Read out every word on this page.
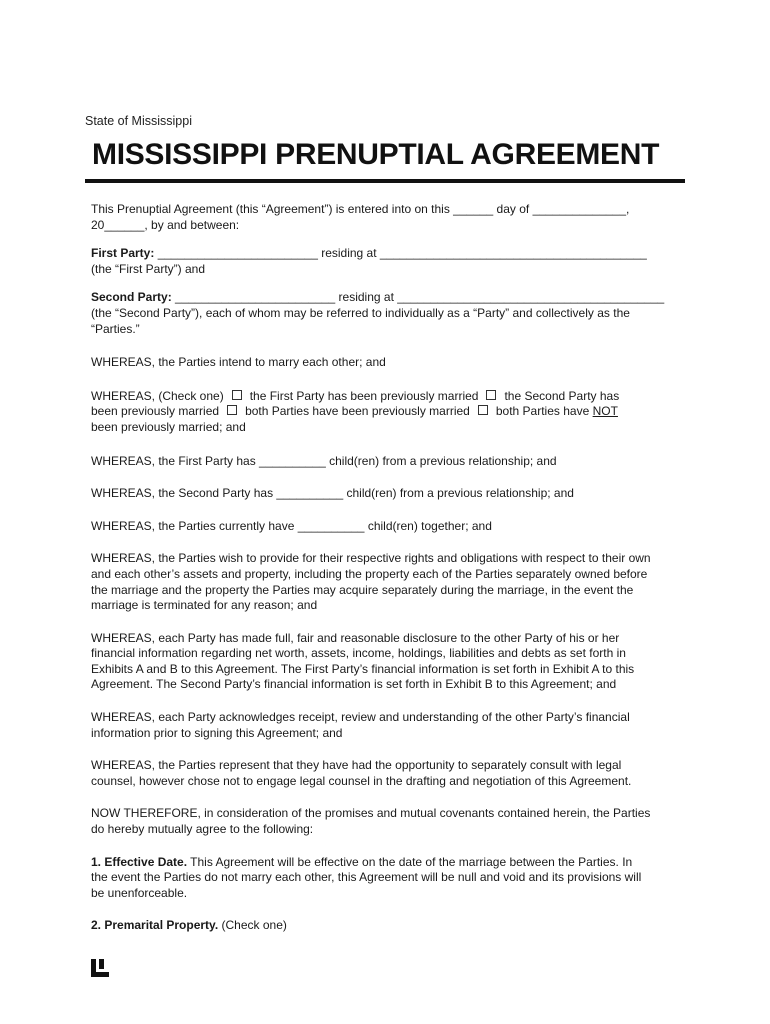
State of Mississippi
MISSISSIPPI PRENUPTIAL AGREEMENT

This Prenuptial Agreement (this “Agreement”) is entered into on this ______ day of ______________,
20______, by and between:

First Party: ________________________ residing at ________________________________________
(the “First Party”) and

Second Party: ________________________ residing at ________________________________________
(the “Second Party”), each of whom may be referred to individually as a “Party” and collectively as the
“Parties.”

WHEREAS, the Parties intend to marry each other; and

WHEREAS, (Check one) the First Party has been previously married the Second Party has
been previously married both Parties have been previously married both Parties have NOT
been previously married; and

WHEREAS, the First Party has __________ child(ren) from a previous relationship; and

WHEREAS, the Second Party has __________ child(ren) from a previous relationship; and

WHEREAS, the Parties currently have __________ child(ren) together; and

WHEREAS, the Parties wish to provide for their respective rights and obligations with respect to their own
and each other’s assets and property, including the property each of the Parties separately owned before
the marriage and the property the Parties may acquire separately during the marriage, in the event the
marriage is terminated for any reason; and

WHEREAS, each Party has made full, fair and reasonable disclosure to the other Party of his or her
financial information regarding net worth, assets, income, holdings, liabilities and debts as set forth in
Exhibits A and B to this Agreement. The First Party’s financial information is set forth in Exhibit A to this
Agreement. The Second Party’s financial information is set forth in Exhibit B to this Agreement; and

WHEREAS, each Party acknowledges receipt, review and understanding of the other Party’s financial
information prior to signing this Agreement; and

WHEREAS, the Parties represent that they have had the opportunity to separately consult with legal
counsel, however chose not to engage legal counsel in the drafting and negotiation of this Agreement.

NOW THEREFORE, in consideration of the promises and mutual covenants contained herein, the Parties
do hereby mutually agree to the following:

1. Effective Date. This Agreement will be effective on the date of the marriage between the Parties. In
the event the Parties do not marry each other, this Agreement will be null and void and its provisions will
be unenforceable.

2. Premarital Property. (Check one)
